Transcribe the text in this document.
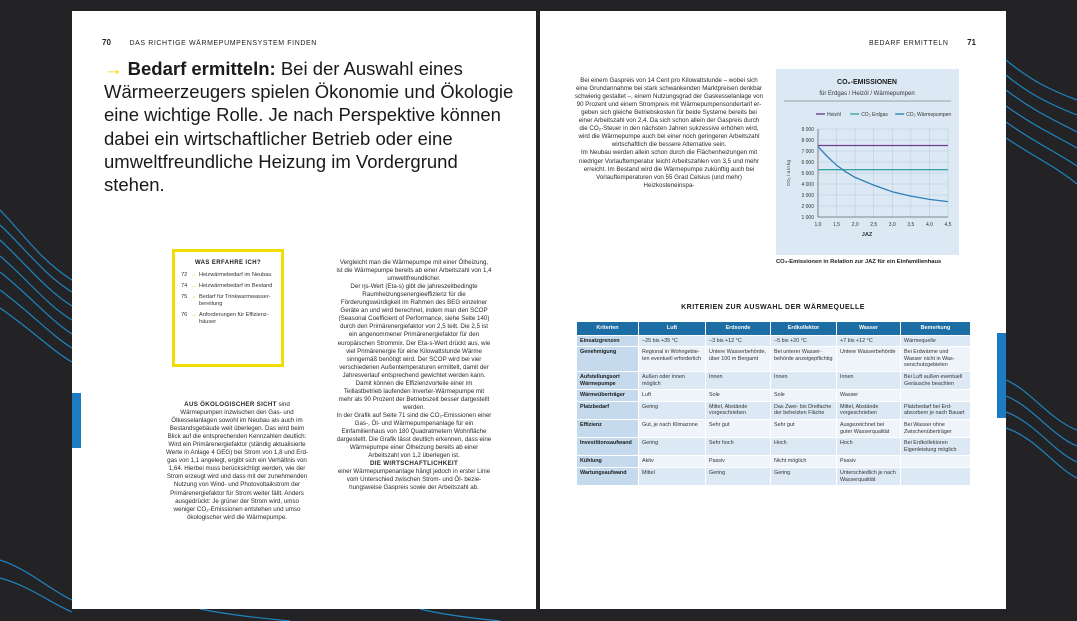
70	DAS RICHTIGE WÄRMEPUMPENSYSTEM FINDEN
→ Bedarf ermitteln: Bei der Auswahl eines Wärmeerzeugers spielen Ökonomie und Ökologie eine wichtige Rolle. Je nach Perspektive können dabei ein wirtschaftlicher Betrieb oder eine umweltfreundliche Heizung im Vordergrund stehen.
WAS ERFAHRE ICH?
72 → Heizwärmebedarf im Neubau
74 → Heizwärmebedarf im Bestand
75 → Bedarf für Trinkwarmwasserbereitung
76 → Anforderungen für Effizienzhäuser
AUS ÖKOLOGISCHER SICHT sind Wärmepumpen inzwischen den Gas- und Ölkesselanlagen sowohl im Neubau als auch im Bestandsgebäude weit überlegen. Das wird beim Blick auf die entsprechenden Kennzahlen deutlich: Wird ein Primärenergiefaktor (ständig aktualisierte Werte in Anlage 4 GEG) bei Strom von 1,8 und Erdgas von 1,1 angelegt, ergibt sich ein Verhältnis von 1,64. Hierbei muss berücksichtigt werden, wie der Strom erzeugt wird und dass mit der zunehmenden Nutzung von Wind- und Photovoltaikstrom der Primärenergiefaktor für Strom weiter fällt. Anders ausgedrückt: Je grüner der Strom wird, umso weniger CO₂-Emissionen entstehen und umso ökologischer wird die Wärmepumpe.

Vergleicht man die Wärmepumpe mit einer Ölheizung, ist die Wärmepumpe bereits ab einer Arbeitszahl von 1,4 umweltfreundlicher.
Der ηs-Wert (Eta-s) gibt die jahreszeitbedingte Raumheizungsenergieeffizienz für die Förderungswürdigkeit im Rahmen des BEG einzelner Geräte an und wird berechnet, indem man den SCOP (Seasonal Coefficient of Performance, siehe Seite 140) durch den Primärenergiefaktor von 2,5 teilt. Die 2,5 ist ein angenommener Primärenergiefaktor für den europäischen Strommix. Der Eta-s-Wert drückt aus, wie viel Primärenergie für eine Kilowattstunde Wärme sinngemäß benötigt wird. Der SCOP wird bei vier verschiedenen Außentemperaturen ermittelt, damit der Jahresverlauf entsprechend gewichtet werden kann. Damit können die Effizienzvorteile einer im Teillastbetrieb laufenden Inverter-Wärmepumpe mit mehr als 90 Prozent der Betriebszeit besser dargestellt werden.
In der Grafik auf Seite 71 sind die CO₂-Emissionen einer Gas-, Öl- und Wärmepumpenanlage für ein Einfamilienhaus von 180 Quadratmetern Wohnfläche dargestellt. Die Grafik lässt deutlich erkennen, dass eine Wärmepumpe einer Ölheizung bereits ab einer Arbeitszahl von 1,2 überlegen ist.
DIE WIRTSCHAFTLICHKEIT
einer Wärmepumpenanlage hängt jedoch in erster Linie vom Unterschied zwischen Strom- und Öl- beziehungsweise Gaspreis sowie der Arbeitszahl ab.

BEDARF ERMITTELN 71

Bei einem Gaspreis von 14 Cent pro Kilowattstunde – wobei sich eine Grundannahme bei stark schwankenden Marktpreisen denkbar schwierig gestaltet –, einem Nutzungsgrad der Gaskesselanlage von 90 Prozent und einem Strompreis mit Wärmepumpensondertarif ergeben sich gleiche Betriebskosten für beide Systeme bereits bei einer Arbeitszahl von 2,4. Da sich schon allein der Gaspreis durch die CO₂-Steuer in den nächsten Jahren sukzessive erhöhen wird, wird die Wärmepumpe auch bei einer noch geringeren Arbeitszahl wirtschaftlich die bessere Alternative sein.
Im Neubau werden allein schon durch die Flächenheizungen mit niedriger Vorlauftemperatur leicht Arbeitszahlen von 3,5 und mehr erreicht. Im Bestand wird die Wärmepumpe zukünftig auch bei Vorlauftemperaturen von 55 Grad Celsius (und mehr) Heizkosteneinspa-

CO₂-EMISSIONEN
für Erdgas / Heizöl / Wärmepumpen
Heizöl	CO₂ Erdgas	CO₂ Wärmepumpen
9 000
8 000
7 000
6 000
5 000
4 000
3 000
2 000
1 000
1,0 1,5 2,0 2,5 3,0 3,5 4,0 4,5
JAZ
CO₂ / a in kg
CO₂-Emissionen in Relation zur JAZ für ein Einfamilienhaus
KRITERIEN ZUR AUSWAHL DER WÄRMEQUELLE
Kriterien	Luft	Erdsonde	Erdkollektor	Wasser	Bemerkung
Einsatzgrenzen	−25 bis +35 °C	−3 bis +12 °C	−5 bis +20 °C	+7 bis +12 °C	Wärmequelle
Genehmigung	Regional in Wohngebieten eventuell erforderlich	Untere Wasserbehörde, über 100 m Bergamt	Bei unterer Wasserbehörde anzeigepflichtig	Untere Wasserbehörde	Bei Erdwärme und Wasser nicht in Wasserschutzgebieten
Aufstellungsort Wärmepumpe	Außen oder innen möglich	Innen	Innen	Innen	Bei Luft außen eventuell Geräusche beachten
Wärmeüberträger	Luft	Sole	Sole	Wasser	
Platzbedarf	Gering	Mittel, Abstände vorgeschrieben	Das Zwei- bis Dreifache der beheizten Fläche	Mittel, Abstände vorgeschrieben	Platzbedarf bei Erdabsorbern je nach Bauart
Effizienz	Gut, je nach Klimazone	Sehr gut	Sehr gut	Ausgezeichnet bei guter Wasserqualität	Bei Wasser ohne Zwischenüberträger
Investitionsaufwand	Gering	Sehr hoch	Hoch	Hoch	Bei Erdkollektoren Eigenleistung möglich
Kühlung	Aktiv	Passiv	Nicht möglich	Passiv	
Wartungsaufwand	Mittel	Gering	Gering	Unterschiedlich je nach Wasserqualität	
